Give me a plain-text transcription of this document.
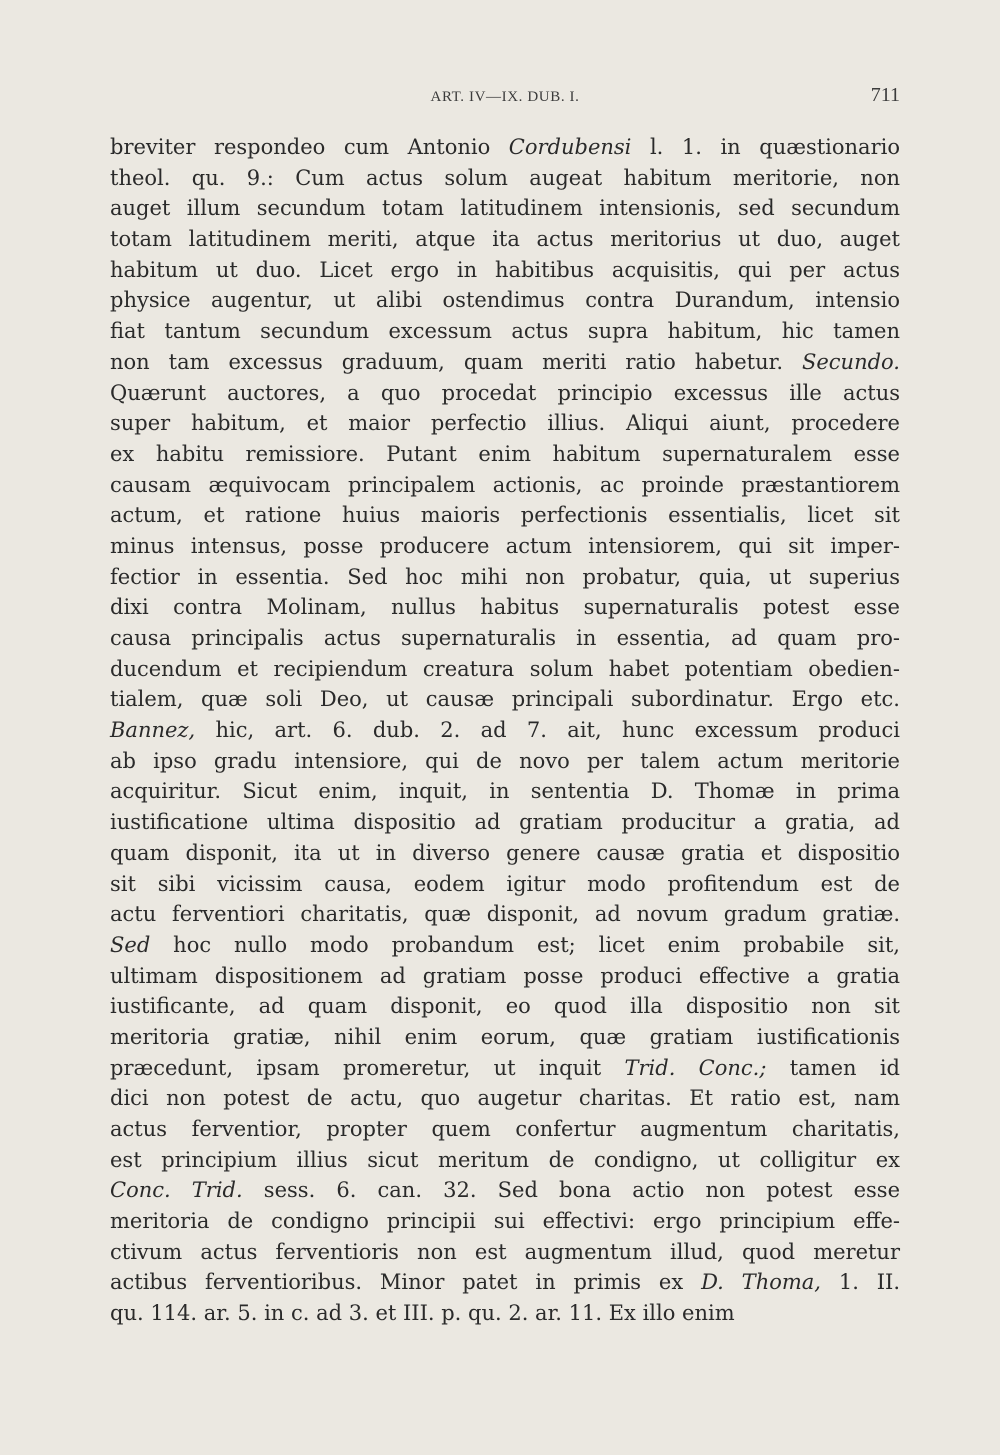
ART. IV—IX. DUB. I.	711
breviter respondeo cum Antonio Cordubensi l. 1. in quæstionario
theol. qu. 9.: Cum actus solum augeat habitum meritorie, non
auget illum secundum totam latitudinem intensionis, sed secundum
totam latitudinem meriti, atque ita actus meritorius ut duo, auget
habitum ut duo. Licet ergo in habitibus acquisitis, qui per actus
physice augentur, ut alibi ostendimus contra Durandum, intensio
fiat tantum secundum excessum actus supra habitum, hic tamen
non tam excessus graduum, quam meriti ratio habetur. Secundo.
Quærunt auctores, a quo procedat principio excessus ille actus
super habitum, et maior perfectio illius. Aliqui aiunt, procedere
ex habitu remissiore. Putant enim habitum supernaturalem esse
causam æquivocam principalem actionis, ac proinde præstantiorem
actum, et ratione huius maioris perfectionis essentialis, licet sit
minus intensus, posse producere actum intensiorem, qui sit imper-
fectior in essentia. Sed hoc mihi non probatur, quia, ut superius
dixi contra Molinam, nullus habitus supernaturalis potest esse
causa principalis actus supernaturalis in essentia, ad quam pro-
ducendum et recipiendum creatura solum habet potentiam obedien-
tialem, quæ soli Deo, ut causæ principali subordinatur. Ergo etc.
Bannez, hic, art. 6. dub. 2. ad 7. ait, hunc excessum produci
ab ipso gradu intensiore, qui de novo per talem actum meritorie
acquiritur. Sicut enim, inquit, in sententia D. Thomæ in prima
iustificatione ultima dispositio ad gratiam producitur a gratia, ad
quam disponit, ita ut in diverso genere causæ gratia et dispositio
sit sibi vicissim causa, eodem igitur modo profitendum est de
actu ferventiori charitatis, quæ disponit, ad novum gradum gratiæ.
Sed hoc nullo modo probandum est; licet enim probabile sit,
ultimam dispositionem ad gratiam posse produci effective a gratia
iustificante, ad quam disponit, eo quod illa dispositio non sit
meritoria gratiæ, nihil enim eorum, quæ gratiam iustificationis
præcedunt, ipsam promeretur, ut inquit Trid. Conc.; tamen id
dici non potest de actu, quo augetur charitas. Et ratio est, nam
actus ferventior, propter quem confertur augmentum charitatis,
est principium illius sicut meritum de condigno, ut colligitur ex
Conc. Trid. sess. 6. can. 32. Sed bona actio non potest esse
meritoria de condigno principii sui effectivi: ergo principium effe-
ctivum actus ferventioris non est augmentum illud, quod meretur
actibus ferventioribus. Minor patet in primis ex D. Thoma, 1. II.
qu. 114. ar. 5. in c. ad 3. et III. p. qu. 2. ar. 11. Ex illo enim
